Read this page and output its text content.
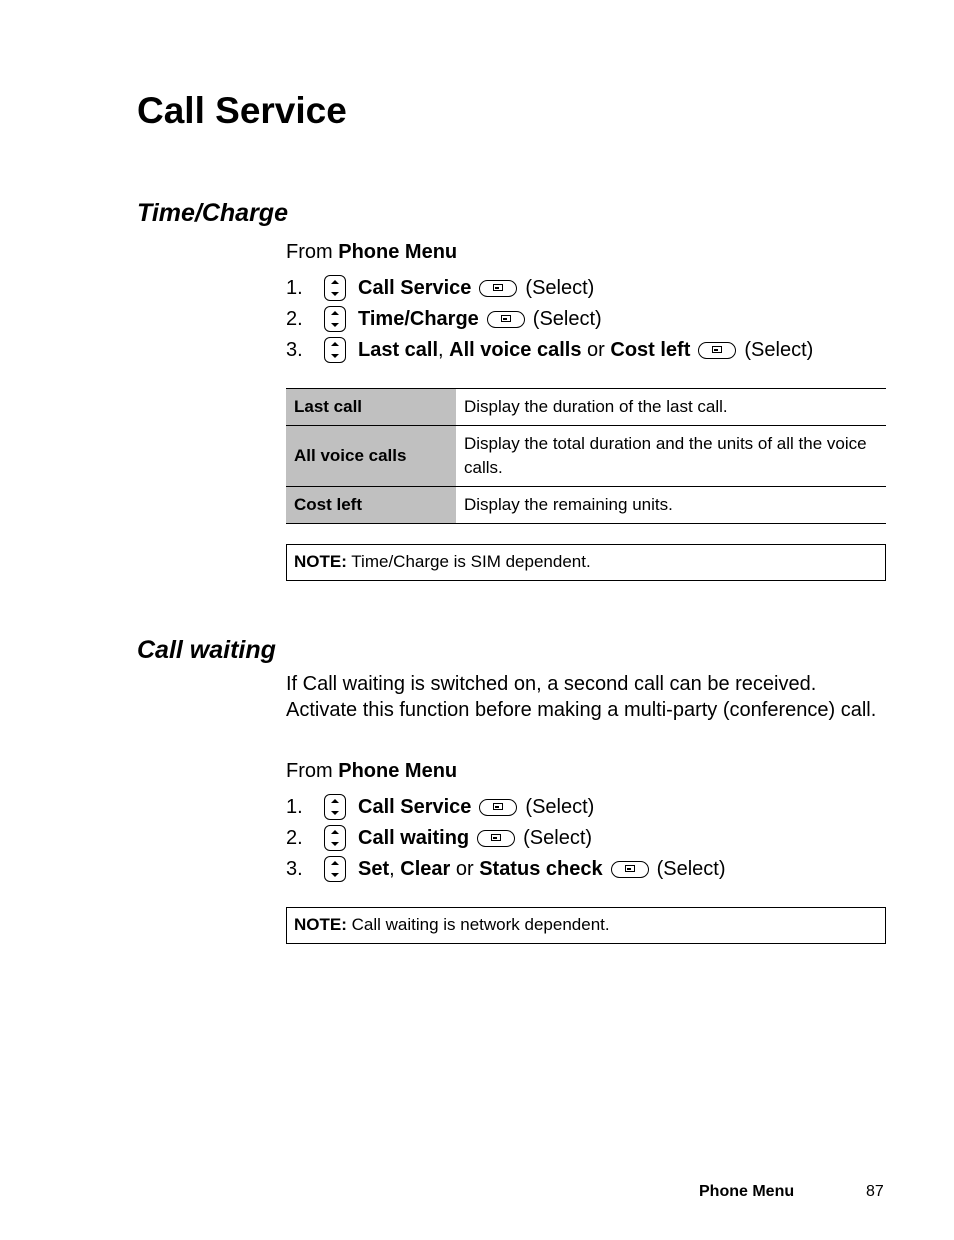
Call Service
Time/Charge
From Phone Menu
1.	Call Service	(Select)
2.	Time/Charge	(Select)
3.	Last call , All voice calls or Cost left	(Select)
Last call	Display the duration of the last call.
All voice calls	Display the total duration and the units of all the voice calls.
Cost left	Display the remaining units.
NOTE: Time/Charge is SIM dependent.
Call waiting
If Call waiting is switched on, a second call can be received. Activate this function before making a multi-party (conference) call.
From Phone Menu
1.	Call Service	(Select)
2.	Call waiting	(Select)
3.	Set , Clear or Status check	(Select)
NOTE: Call waiting is network dependent.
Phone Menu	87
